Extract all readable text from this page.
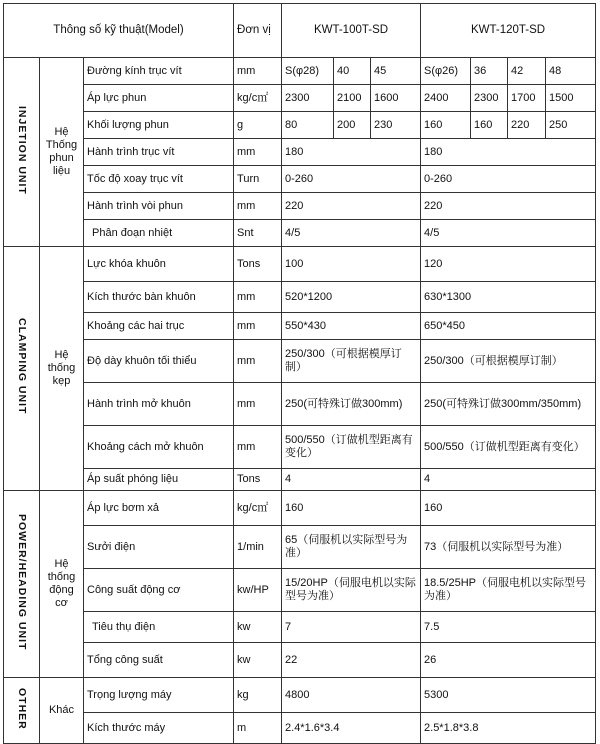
Thông số kỹ thuật(Model)			Đơn vị	KWT-100T-SD			KWT-120T-SD			
INJETION UNIT	Hệ Thống phun liệu	Đường kính trục vít	mm	S(φ28)	40	45	S(φ26)	36	42	48
		Áp lực phun	kg/c㎡	2300	2100	1600	2400	2300	1700	1500
		Khối lượng phun	g	80	200	230	160	160	220	250
		Hành trình trục vít	mm	180			180			
		Tốc độ xoay trục vít	Turn	0-260			0-260			
		Hành trình vòi phun	mm	220			220			
		Phân đoạn nhiệt	Snt	4/5			4/5			
CLAMPING UNIT	Hệ thống kẹp	Lực khóa khuôn	Tons	100			120			
		Kích thước bàn khuôn	mm	520*1200			630*1300			
		Khoảng các hai trục	mm	550*430			650*450			
		Độ dày khuôn tối thiểu	mm	250/300（可根据模厚订制）			250/300（可根据模厚订制）			
		Hành trình mở khuôn	mm	250(可特殊订做300mm)			250(可特殊订做300mm/350mm)			
		Khoảng cách mở khuôn	mm	500/550（订做机型距离有变化）			500/550（订做机型距离有变化）			
		Áp suất phóng liệu	Tons	4			4			
POWER/HEADING UNIT	Hệ thống động cơ	Áp lực bơm xả	kg/c㎡	160			160			
		Sưởi điện	1/min	65（伺服机以实际型号为准）			73（伺服机以实际型号为准）			
		Công suất động cơ	kw/HP	15/20HP（伺服电机以实际型号为准）			18.5/25HP（伺服电机以实际型号为准）			
		Tiêu thụ điện	kw	7			7.5			
		Tổng công suất	kw	22			26			
OTHER	Khác	Trọng lượng máy	kg	4800			5300			
		Kích thước máy	m	2.4*1.6*3.4			2.5*1.8*3.8			
